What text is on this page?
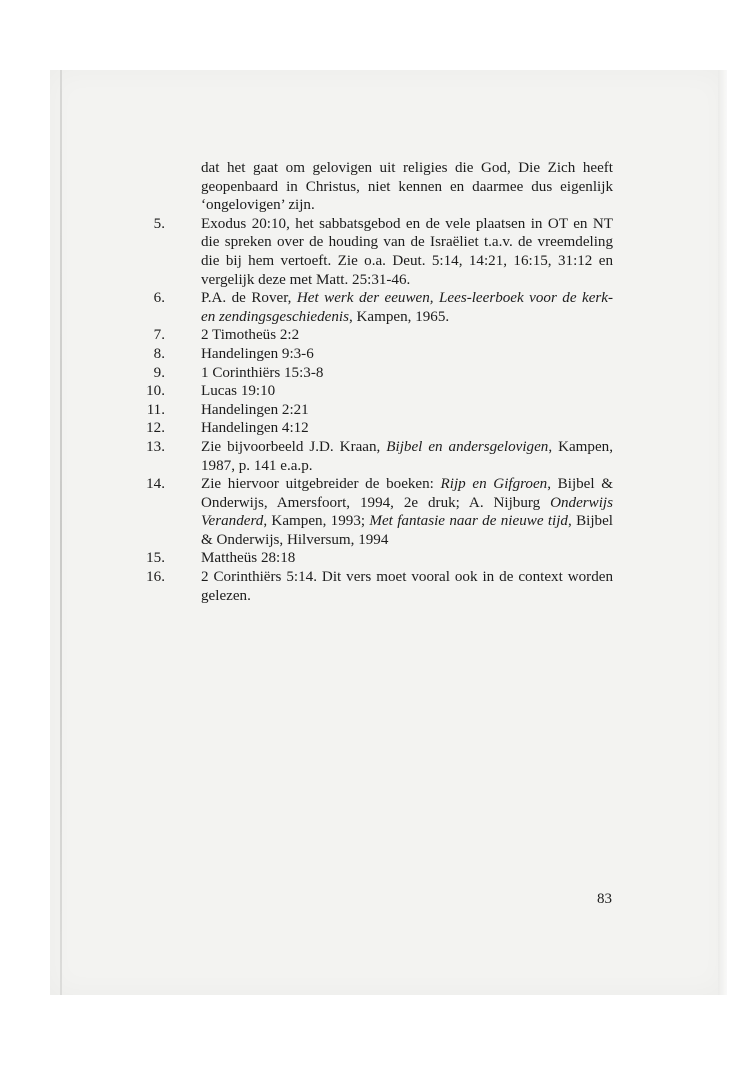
dat het gaat om gelovigen uit religies die God, Die Zich heeft geopenbaard in Christus, niet kennen en daarmee dus eigenlijk ‘ongelovigen’ zijn.
5. Exodus 20:10, het sabbatsgebod en de vele plaatsen in OT en NT die spreken over de houding van de Israëliet t.a.v. de vreemdeling die bij hem vertoeft. Zie o.a. Deut. 5:14, 14:21, 16:15, 31:12 en vergelijk deze met Matt. 25:31-46.
6. P.A. de Rover, Het werk der eeuwen, Lees-leerboek voor de kerk- en zendingsgeschiedenis, Kampen, 1965.
7. 2 Timotheüs 2:2
8. Handelingen 9:3-6
9. 1 Corinthiërs 15:3-8
10. Lucas 19:10
11. Handelingen 2:21
12. Handelingen 4:12
13. Zie bijvoorbeeld J.D. Kraan, Bijbel en andersgelovigen, Kampen, 1987, p. 141 e.a.p.
14. Zie hiervoor uitgebreider de boeken: Rijp en Gifgroen, Bijbel & Onderwijs, Amersfoort, 1994, 2e druk; A. Nijburg Onderwijs Veranderd, Kampen, 1993; Met fantasie naar de nieuwe tijd, Bijbel & Onderwijs, Hilversum, 1994
15. Mattheüs 28:18
16. 2 Corinthiërs 5:14. Dit vers moet vooral ook in de context worden gelezen.
83
